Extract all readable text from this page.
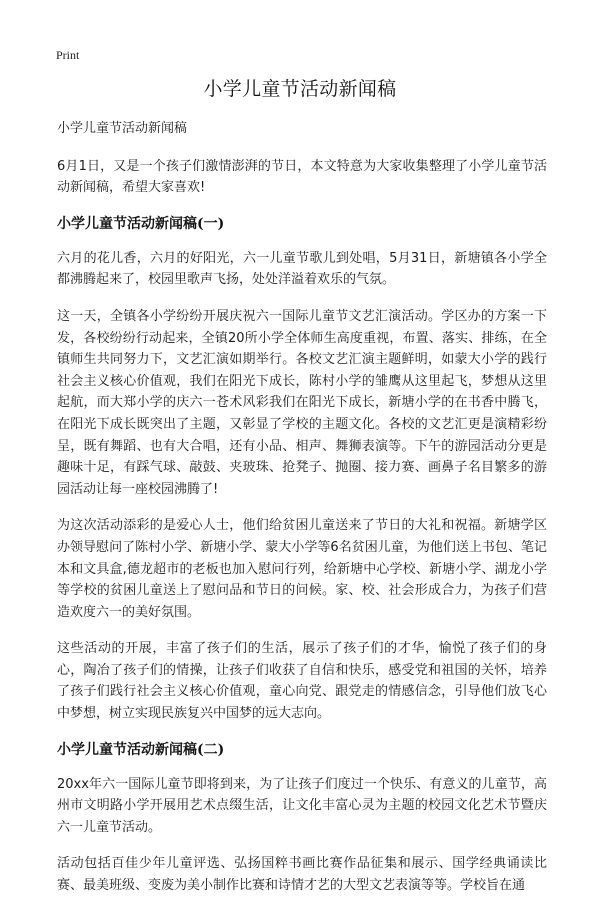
Print
小学儿童节活动新闻稿

小学儿童节活动新闻稿

6月1日，又是一个孩子们激情澎湃的节日，本文特意为大家收集整理了小学儿童节活动新闻稿，希望大家喜欢!

小学儿童节活动新闻稿(一)

六月的花儿香，六月的好阳光，六一儿童节歌儿到处唱，5月31日，新塘镇各小学全都沸腾起来了，校园里歌声飞扬，处处洋溢着欢乐的气氛。

这一天，全镇各小学纷纷开展庆祝六一国际儿童节文艺汇演活动。学区办的方案一下发，各校纷纷行动起来，全镇20所小学全体师生高度重视，布置、落实、排练，在全镇师生共同努力下，文艺汇演如期举行。各校文艺汇演主题鲜明，如蒙大小学的践行社会主义核心价值观，我们在阳光下成长，陈村小学的雏鹰从这里起飞，梦想从这里起航，而大郑小学的庆六一苍术风彩我们在阳光下成长，新塘小学的在书香中腾飞，在阳光下成长既突出了主题，又彰显了学校的主题文化。各校的文艺汇更是演精彩纷呈，既有舞蹈、也有大合唱，还有小品、相声、舞狮表演等。下午的游园活动分更是趣味十足，有踩气球、敲鼓、夹玻珠、抢凳子、抛圈、接力赛、画鼻子名目繁多的游园活动让每一座校园沸腾了!

为这次活动添彩的是爱心人士，他们给贫困儿童送来了节日的大礼和祝福。新塘学区办领导慰问了陈村小学、新塘小学、蒙大小学等6名贫困儿童，为他们送上书包、笔记本和文具盒,德龙超市的老板也加入慰问行列，给新塘中心学校、新塘小学、湖龙小学等学校的贫困儿童送上了慰问品和节日的问候。家、校、社会形成合力，为孩子们营造欢度六一的美好氛围。

这些活动的开展，丰富了孩子们的生活，展示了孩子们的才华，愉悦了孩子们的身心，陶冶了孩子们的情操，让孩子们收获了自信和快乐，感受党和祖国的关怀，培养了孩子们践行社会主义核心价值观，童心向党、跟党走的情感信念，引导他们放飞心中梦想，树立实现民族复兴中国梦的远大志向。

小学儿童节活动新闻稿(二)

20xx年六一国际儿童节即将到来，为了让孩子们度过一个快乐、有意义的儿童节，高州市文明路小学开展用艺术点缀生活，让文化丰富心灵为主题的校园文化艺术节暨庆六一儿童节活动。

活动包括百佳少年儿童评选、弘扬国粹书画比赛作品征集和展示、国学经典诵读比赛、最美班级、变废为美小制作比赛和诗情才艺的大型文艺表演等等。学校旨在通
